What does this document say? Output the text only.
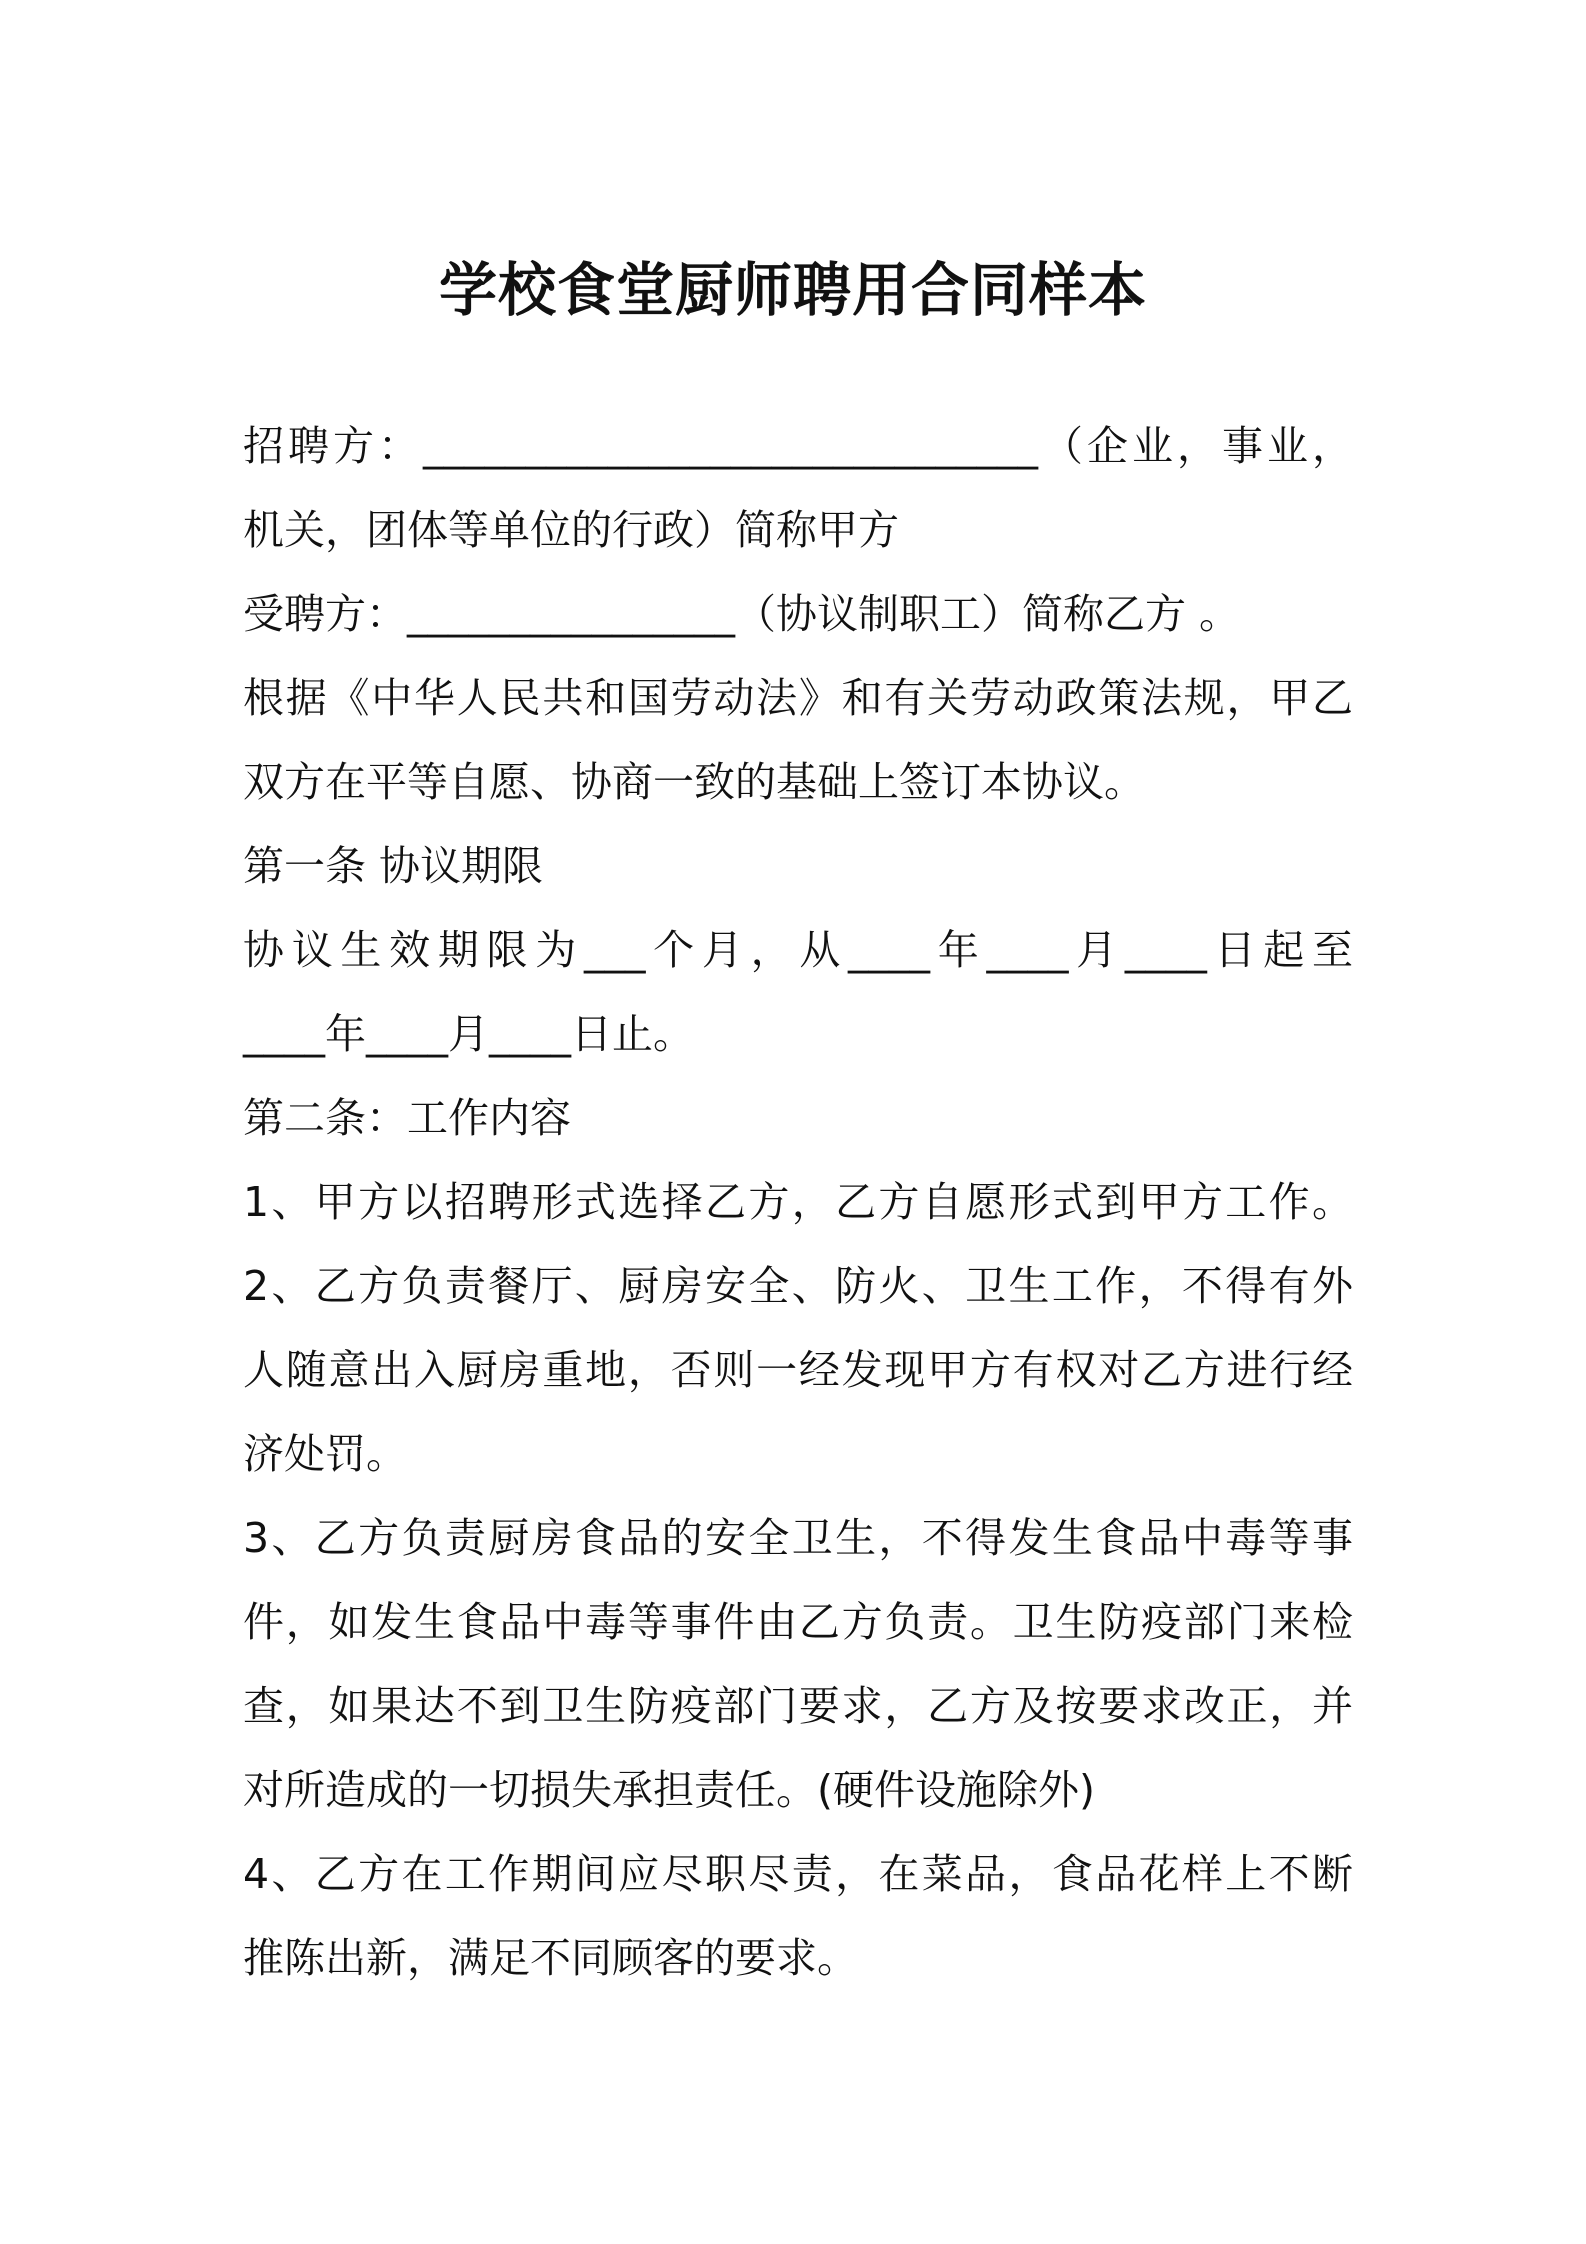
学校食堂厨师聘用合同样本
招聘方：______________________________（企业，事业，
机关，团体等单位的行政）简称甲方
受聘方：________________（协议制职工）简称乙方 。
根据《中华人民共和国劳动法》和有关劳动政策法规，甲乙
双方在平等自愿、协商一致的基础上签订本协议。
第一条 协议期限
协议生效期限为___个月，从____年____月____日起至
____年____月____日止。
第二条：工作内容
1、甲方以招聘形式选择乙方，乙方自愿形式到甲方工作。
2、乙方负责餐厅、厨房安全、防火、卫生工作，不得有外
人随意出入厨房重地，否则一经发现甲方有权对乙方进行经
济处罚。
3、乙方负责厨房食品的安全卫生，不得发生食品中毒等事
件，如发生食品中毒等事件由乙方负责。卫生防疫部门来检
查，如果达不到卫生防疫部门要求，乙方及按要求改正，并
对所造成的一切损失承担责任。(硬件设施除外)
4、乙方在工作期间应尽职尽责，在菜品，食品花样上不断
推陈出新，满足不同顾客的要求。
